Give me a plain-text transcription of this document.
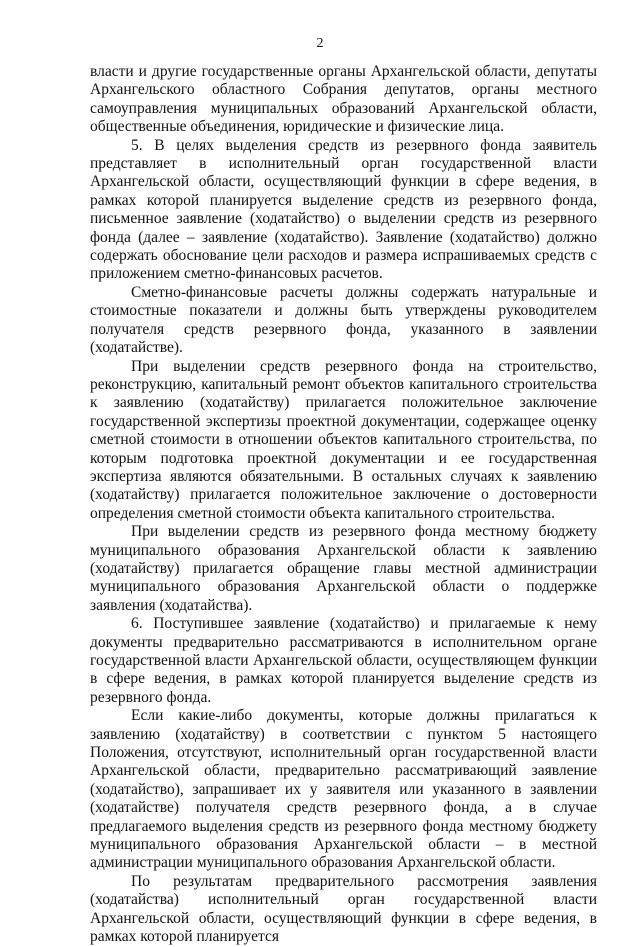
2

власти и другие государственные органы Архангельской области, депутаты Архангельского областного Собрания депутатов, органы местного самоуправления муниципальных образований Архангельской области, общественные объединения, юридические и физические лица.

5. В целях выделения средств из резервного фонда заявитель представляет в исполнительный орган государственной власти Архангельской области, осуществляющий функции в сфере ведения, в рамках которой планируется выделение средств из резервного фонда, письменное заявление (ходатайство) о выделении средств из резервного фонда (далее – заявление (ходатайство). Заявление (ходатайство) должно содержать обоснование цели расходов и размера испрашиваемых средств с приложением сметно-финансовых расчетов.

Сметно-финансовые расчеты должны содержать натуральные и стоимостные показатели и должны быть утверждены руководителем получателя средств резервного фонда, указанного в заявлении (ходатайстве).

При выделении средств резервного фонда на строительство, реконструкцию, капитальный ремонт объектов капитального строительства к заявлению (ходатайству) прилагается положительное заключение государственной экспертизы проектной документации, содержащее оценку сметной стоимости в отношении объектов капитального строительства, по которым подготовка проектной документации и ее государственная экспертиза являются обязательными. В остальных случаях к заявлению (ходатайству) прилагается положительное заключение о достоверности определения сметной стоимости объекта капитального строительства.

При выделении средств из резервного фонда местному бюджету муниципального образования Архангельской области к заявлению (ходатайству) прилагается обращение главы местной администрации муниципального образования Архангельской области о поддержке заявления (ходатайства).

6. Поступившее заявление (ходатайство) и прилагаемые к нему документы предварительно рассматриваются в исполнительном органе государственной власти Архангельской области, осуществляющем функции в сфере ведения, в рамках которой планируется выделение средств из резервного фонда.

Если какие-либо документы, которые должны прилагаться к заявлению (ходатайству) в соответствии с пунктом 5 настоящего Положения, отсутствуют, исполнительный орган государственной власти Архангельской области, предварительно рассматривающий заявление (ходатайство), запрашивает их у заявителя или указанного в заявлении (ходатайстве) получателя средств резервного фонда, а в случае предлагаемого выделения средств из резервного фонда местному бюджету муниципального образования Архангельской области – в местной администрации муниципального образования Архангельской области.

По результатам предварительного рассмотрения заявления (ходатайства) исполнительный орган государственной власти Архангельской области, осуществляющий функции в сфере ведения, в рамках которой планируется
